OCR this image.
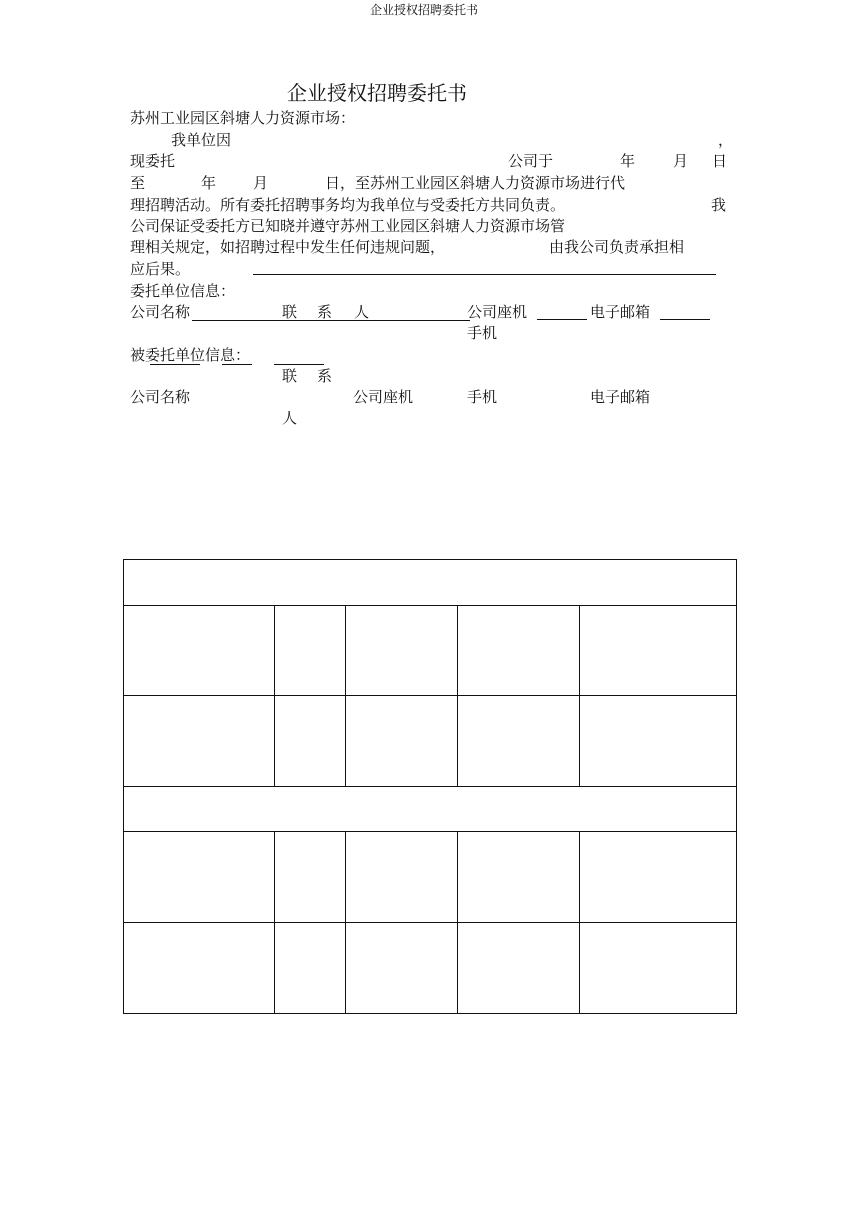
企业授权招聘委托书
企业授权招聘委托书
苏州工业园区斜塘人力资源市场：
我单位因	，
现委托	公司于	年	月 日
至	年 月	日，至苏州工业园区斜塘人力资源市场进行代
理招聘活动。所有委托招聘事务均为我单位与受委托方共同负责。	我
公司保证受委托方已知晓并遵守苏州工业园区斜塘人力资源市场管
理相关规定，如招聘过程中发生任何违规问题，	由我公司负责承担相
应后果。
委托单位信息：
公司名称	联 系 人	公司座机	电子邮箱
手机
被委托单位信息：
联 系
公司名称	公司座机	手机	电子邮箱
人
